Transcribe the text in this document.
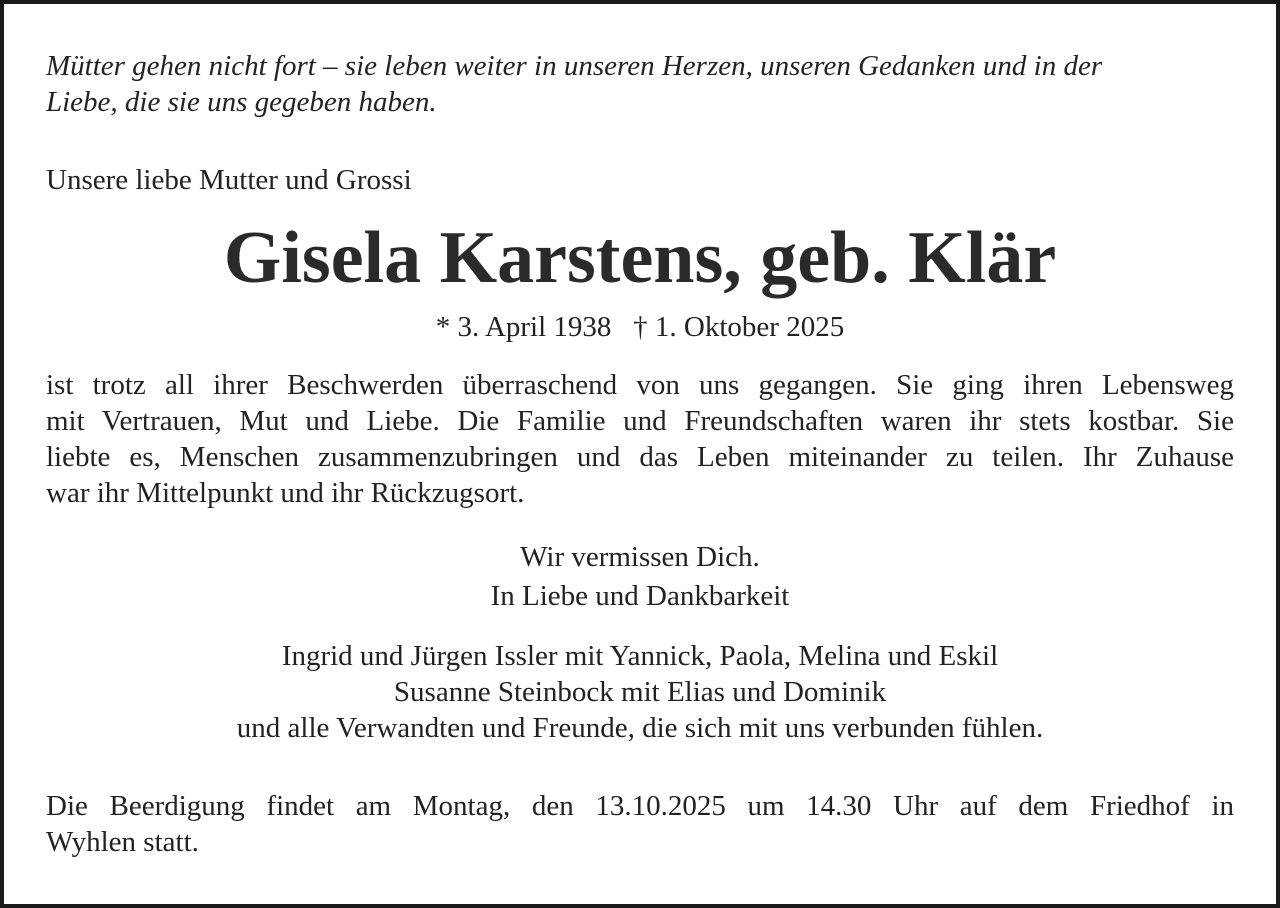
Mütter gehen nicht fort – sie leben weiter in unseren Herzen, unseren Gedanken und in der
Liebe, die sie uns gegeben haben.
Unsere liebe Mutter und Grossi
Gisela Karstens, geb. Klär
* 3. April 1938   † 1. Oktober 2025
ist trotz all ihrer Beschwerden überraschend von uns gegangen. Sie ging ihren Lebensweg
mit Vertrauen, Mut und Liebe. Die Familie und Freundschaften waren ihr stets kostbar. Sie
liebte es, Menschen zusammenzubringen und das Leben miteinander zu teilen. Ihr Zuhause
war ihr Mittelpunkt und ihr Rückzugsort.
Wir vermissen Dich.
In Liebe und Dankbarkeit
Ingrid und Jürgen Issler mit Yannick, Paola, Melina und Eskil
Susanne Steinbock mit Elias und Dominik
und alle Verwandten und Freunde, die sich mit uns verbunden fühlen.
Die Beerdigung findet am Montag, den 13.10.2025 um 14.30 Uhr auf dem Friedhof in
Wyhlen statt.
